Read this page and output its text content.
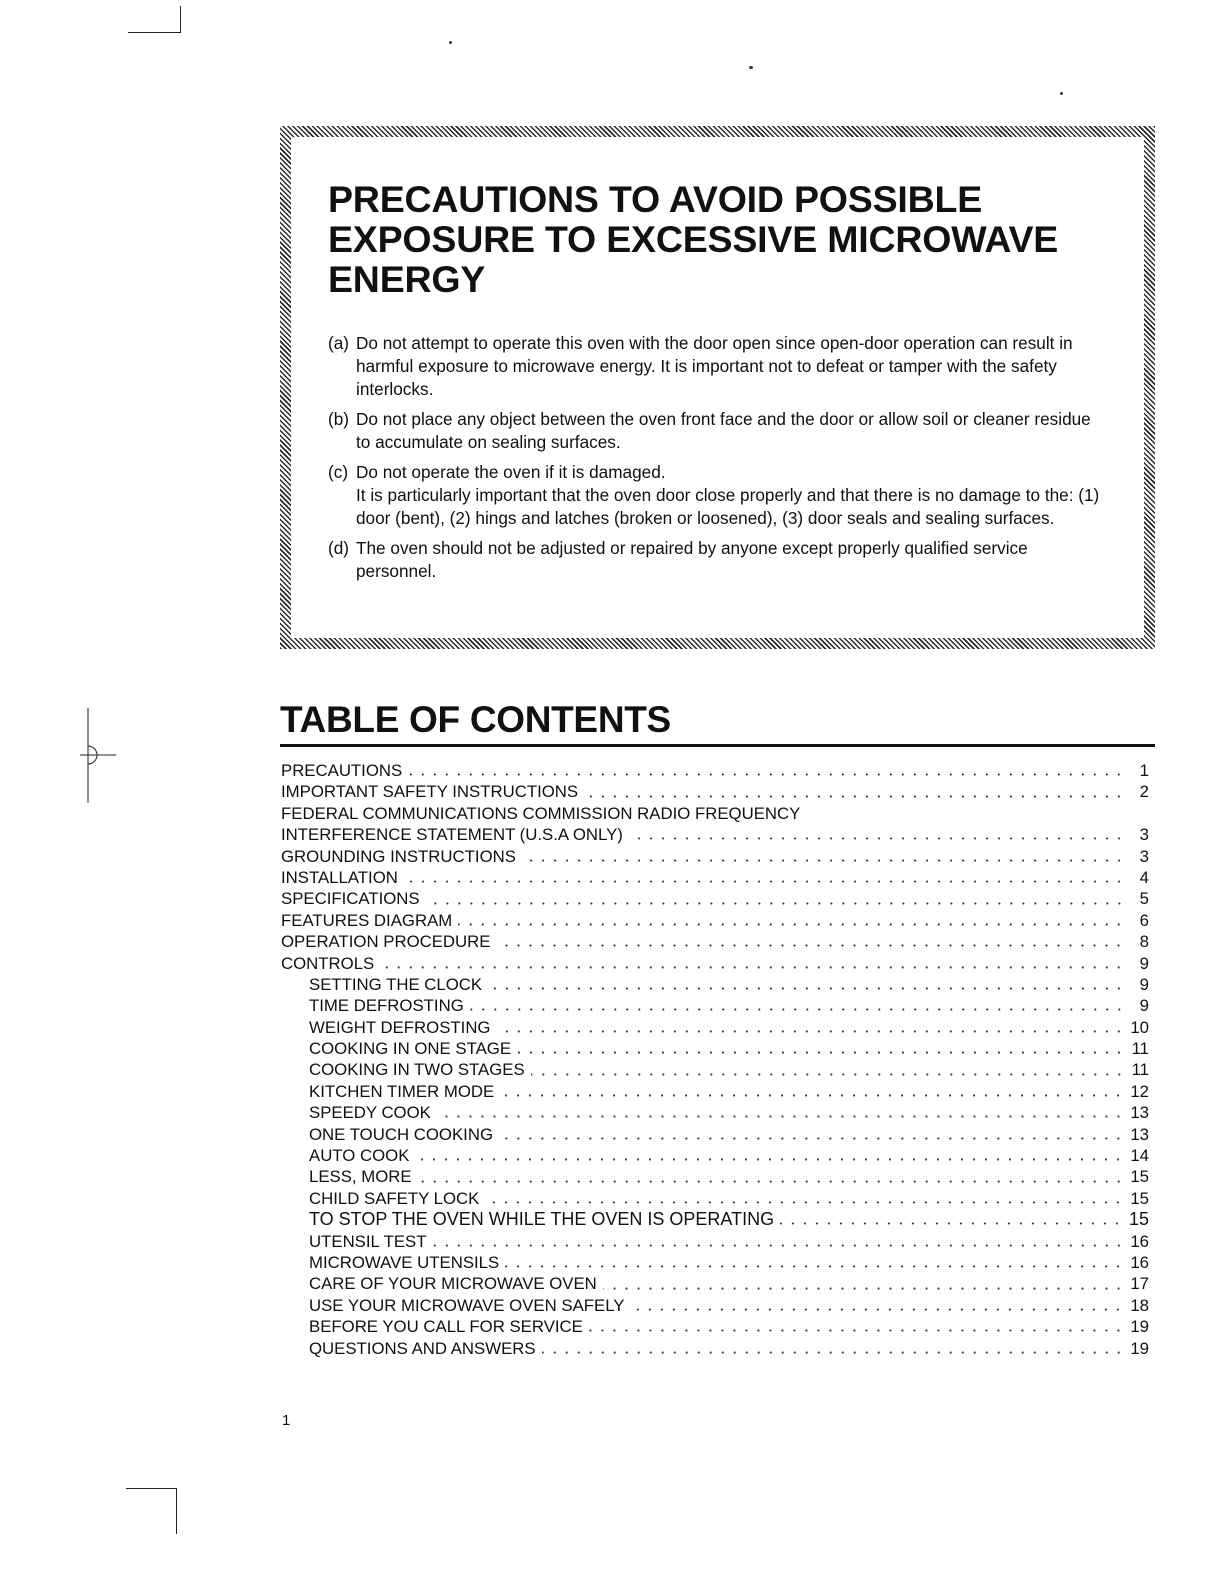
PRECAUTIONS TO AVOID POSSIBLE
EXPOSURE TO EXCESSIVE MICROWAVE
ENERGY
(a) Do not attempt to operate this oven with the door open since open-door operation can result in harmful exposure to microwave energy. It is important not to defeat or tamper with the safety interlocks.
(b) Do not place any object between the oven front face and the door or allow soil or cleaner residue to accumulate on sealing surfaces.
(c) Do not operate the oven if it is damaged.
It is particularly important that the oven door close properly and that there is no damage to the: (1) door (bent), (2) hings and latches (broken or loosened), (3) door seals and sealing surfaces.
(d) The oven should not be adjusted or repaired by anyone except properly qualified service personnel.
TABLE OF CONTENTS
PRECAUTIONS	1
IMPORTANT SAFETY INSTRUCTIONS	2
FEDERAL COMMUNICATIONS COMMISSION RADIO FREQUENCY
INTERFERENCE STATEMENT (U.S.A ONLY)	3
GROUNDING INSTRUCTIONS	3
INSTALLATION	4
SPECIFICATIONS	5
FEATURES DIAGRAM	6
OPERATION PROCEDURE	8
CONTROLS	9
SETTING THE CLOCK	9
TIME DEFROSTING	9
WEIGHT DEFROSTING	10
COOKING IN ONE STAGE	11
COOKING IN TWO STAGES	11
KITCHEN TIMER MODE	12
SPEEDY COOK	13
ONE TOUCH COOKING	13
AUTO COOK	14
LESS, MORE	15
CHILD SAFETY LOCK	15
TO STOP THE OVEN WHILE THE OVEN IS OPERATING	15
UTENSIL TEST	16
MICROWAVE UTENSILS	16
CARE OF YOUR MICROWAVE OVEN	17
USE YOUR MICROWAVE OVEN SAFELY	18
BEFORE YOU CALL FOR SERVICE	19
QUESTIONS AND ANSWERS	19
1
